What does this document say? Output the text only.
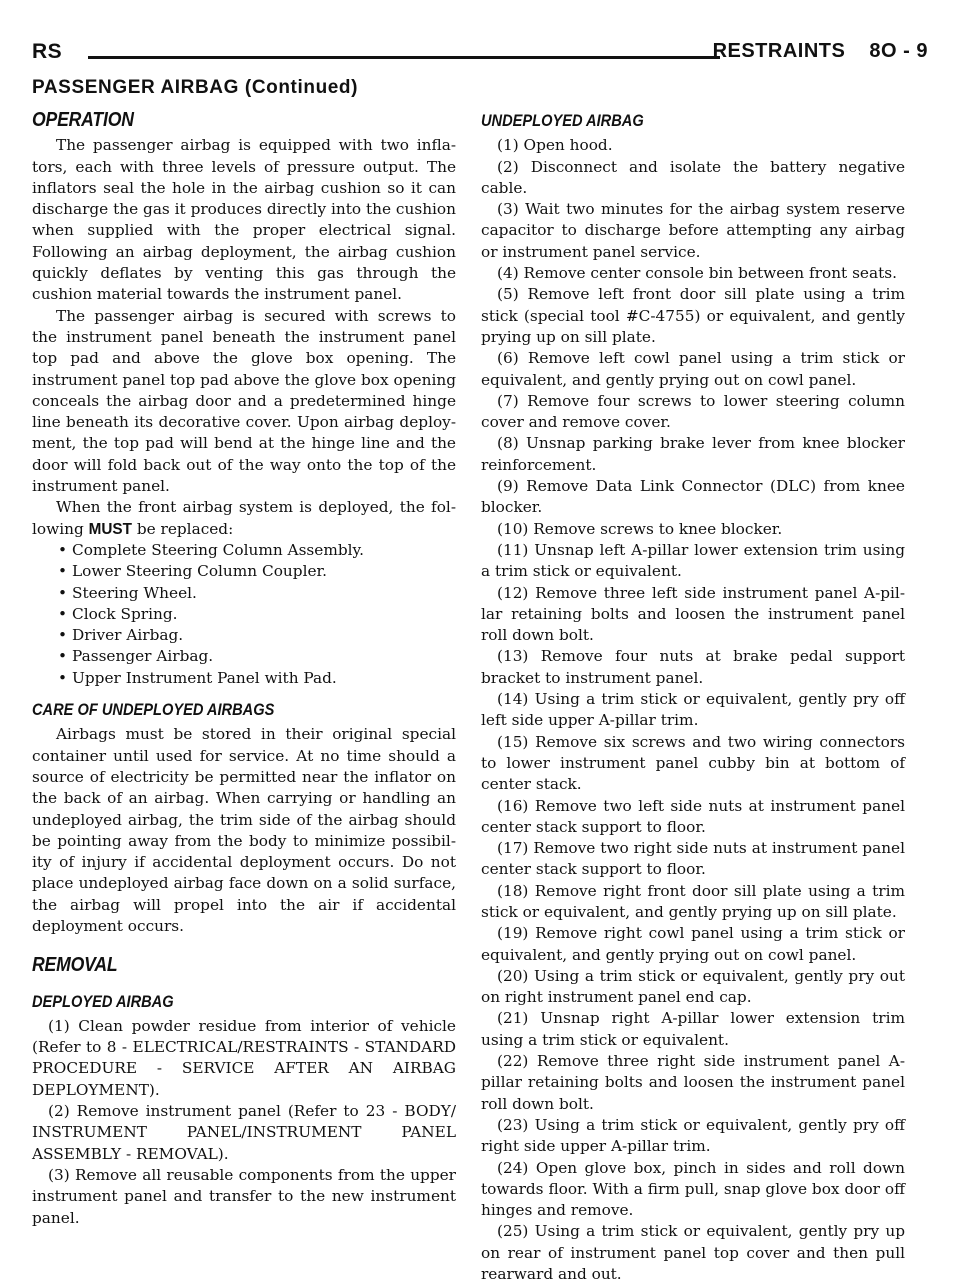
RS	RESTRAINTS 8O - 9
PASSENGER AIRBAG (Continued)
OPERATION

The passenger airbag is equipped with two inflators, each with three levels of pressure output. The inflators seal the hole in the airbag cushion so it can discharge the gas it produces directly into the cushion when supplied with the proper electrical signal. Following an airbag deployment, the airbag cushion quickly deflates by venting this gas through the cushion material towards the instrument panel.

The passenger airbag is secured with screws to the instrument panel beneath the instrument panel top pad and above the glove box opening. The instrument panel top pad above the glove box opening conceals the airbag door and a predetermined hinge line beneath its decorative cover. Upon airbag deployment, the top pad will bend at the hinge line and the door will fold back out of the way onto the top of the instrument panel.

When the front airbag system is deployed, the following MUST be replaced:

• Complete Steering Column Assembly.
• Lower Steering Column Coupler.
• Steering Wheel.
• Clock Spring.
• Driver Airbag.
• Passenger Airbag.
• Upper Instrument Panel with Pad.
CARE OF UNDEPLOYED AIRBAGS

Airbags must be stored in their original special container until used for service. At no time should a source of electricity be permitted near the inflator on the back of an airbag. When carrying or handling an undeployed airbag, the trim side of the airbag should be pointing away from the body to minimize possibility of injury if accidental deployment occurs. Do not place undeployed airbag face down on a solid surface, the airbag will propel into the air if accidental deployment occurs.

REMOVAL
DEPLOYED AIRBAG

(1) Clean powder residue from interior of vehicle (Refer to 8 - ELECTRICAL/RESTRAINTS - STANDARD PROCEDURE - SERVICE AFTER AN AIRBAG DEPLOYMENT).

(2) Remove instrument panel (Refer to 23 - BODY/ INSTRUMENT PANEL/INSTRUMENT PANEL ASSEMBLY - REMOVAL).

(3) Remove all reusable components from the upper instrument panel and transfer to the new instrument panel.

UNDEPLOYED AIRBAG

(1) Open hood.

(2) Disconnect and isolate the battery negative cable.

(3) Wait two minutes for the airbag system reserve capacitor to discharge before attempting any airbag or instrument panel service.

(4) Remove center console bin between front seats.

(5) Remove left front door sill plate using a trim stick (special tool #C-4755) or equivalent, and gently prying up on sill plate.

(6) Remove left cowl panel using a trim stick or equivalent, and gently prying out on cowl panel.

(7) Remove four screws to lower steering column cover and remove cover.

(8) Unsnap parking brake lever from knee blocker reinforcement.

(9) Remove Data Link Connector (DLC) from knee blocker.

(10) Remove screws to knee blocker.

(11) Unsnap left A-pillar lower extension trim using a trim stick or equivalent.

(12) Remove three left side instrument panel A-pillar retaining bolts and loosen the instrument panel roll down bolt.

(13) Remove four nuts at brake pedal support bracket to instrument panel.

(14) Using a trim stick or equivalent, gently pry off left side upper A-pillar trim.

(15) Remove six screws and two wiring connectors to lower instrument panel cubby bin at bottom of center stack.

(16) Remove two left side nuts at instrument panel center stack support to floor.

(17) Remove two right side nuts at instrument panel center stack support to floor.

(18) Remove right front door sill plate using a trim stick or equivalent, and gently prying up on sill plate.

(19) Remove right cowl panel using a trim stick or equivalent, and gently prying out on cowl panel.

(20) Using a trim stick or equivalent, gently pry out on right instrument panel end cap.

(21) Unsnap right A-pillar lower extension trim using a trim stick or equivalent.

(22) Remove three right side instrument panel A-pillar retaining bolts and loosen the instrument panel roll down bolt.

(23) Using a trim stick or equivalent, gently pry off right side upper A-pillar trim.

(24) Open glove box, pinch in sides and roll down towards floor. With a firm pull, snap glove box door off hinges and remove.

(25) Using a trim stick or equivalent, gently pry up on rear of instrument panel top cover and then pull rearward and out.
